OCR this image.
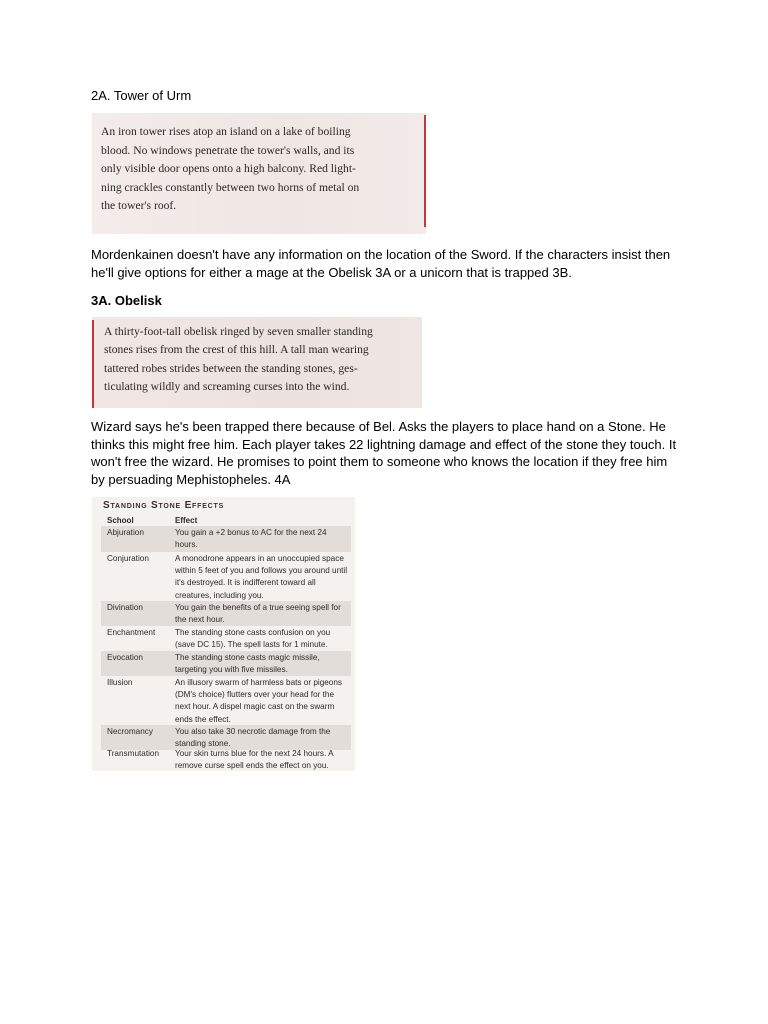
2A. Tower of Urm
An iron tower rises atop an island on a lake of boiling
blood. No windows penetrate the tower's walls, and its
only visible door opens onto a high balcony. Red light-
ning crackles constantly between two horns of metal on
the tower's roof.
Mordenkainen doesn't have any information on the location of the Sword. If the characters insist then he'll give options for either a mage at the Obelisk 3A or a unicorn that is trapped 3B.
3A. Obelisk
A thirty-foot-tall obelisk ringed by seven smaller standing
stones rises from the crest of this hill. A tall man wearing
tattered robes strides between the standing stones, ges-
ticulating wildly and screaming curses into the wind.
Wizard says he's been trapped there because of Bel. Asks the players to place hand on a Stone. He thinks this might free him. Each player takes 22 lightning damage and effect of the stone they touch. It won't free the wizard. He promises to point them to someone who knows the location if they free him by persuading Mephistopheles. 4A
Standing Stone Effects
School	Effect
Abjuration	You gain a +2 bonus to AC for the next 24 hours.
Conjuration	A monodrone appears in an unoccupied space within 5 feet of you and follows you around until it's destroyed. It is indifferent toward all creatures, including you.
Divination	You gain the benefits of a true seeing spell for the next hour.
Enchantment The standing stone casts confusion on you (save DC 15). The spell lasts for 1 minute.
Evocation	The standing stone casts magic missile, targeting you with five missiles.
Illusion	An illusory swarm of harmless bats or pigeons (DM's choice) flutters over your head for the next hour. A dispel magic cast on the swarm ends the effect.
Necromancy	You also take 30 necrotic damage from the standing stone.
Transmutation Your skin turns blue for the next 24 hours. A remove curse spell ends the effect on you.
